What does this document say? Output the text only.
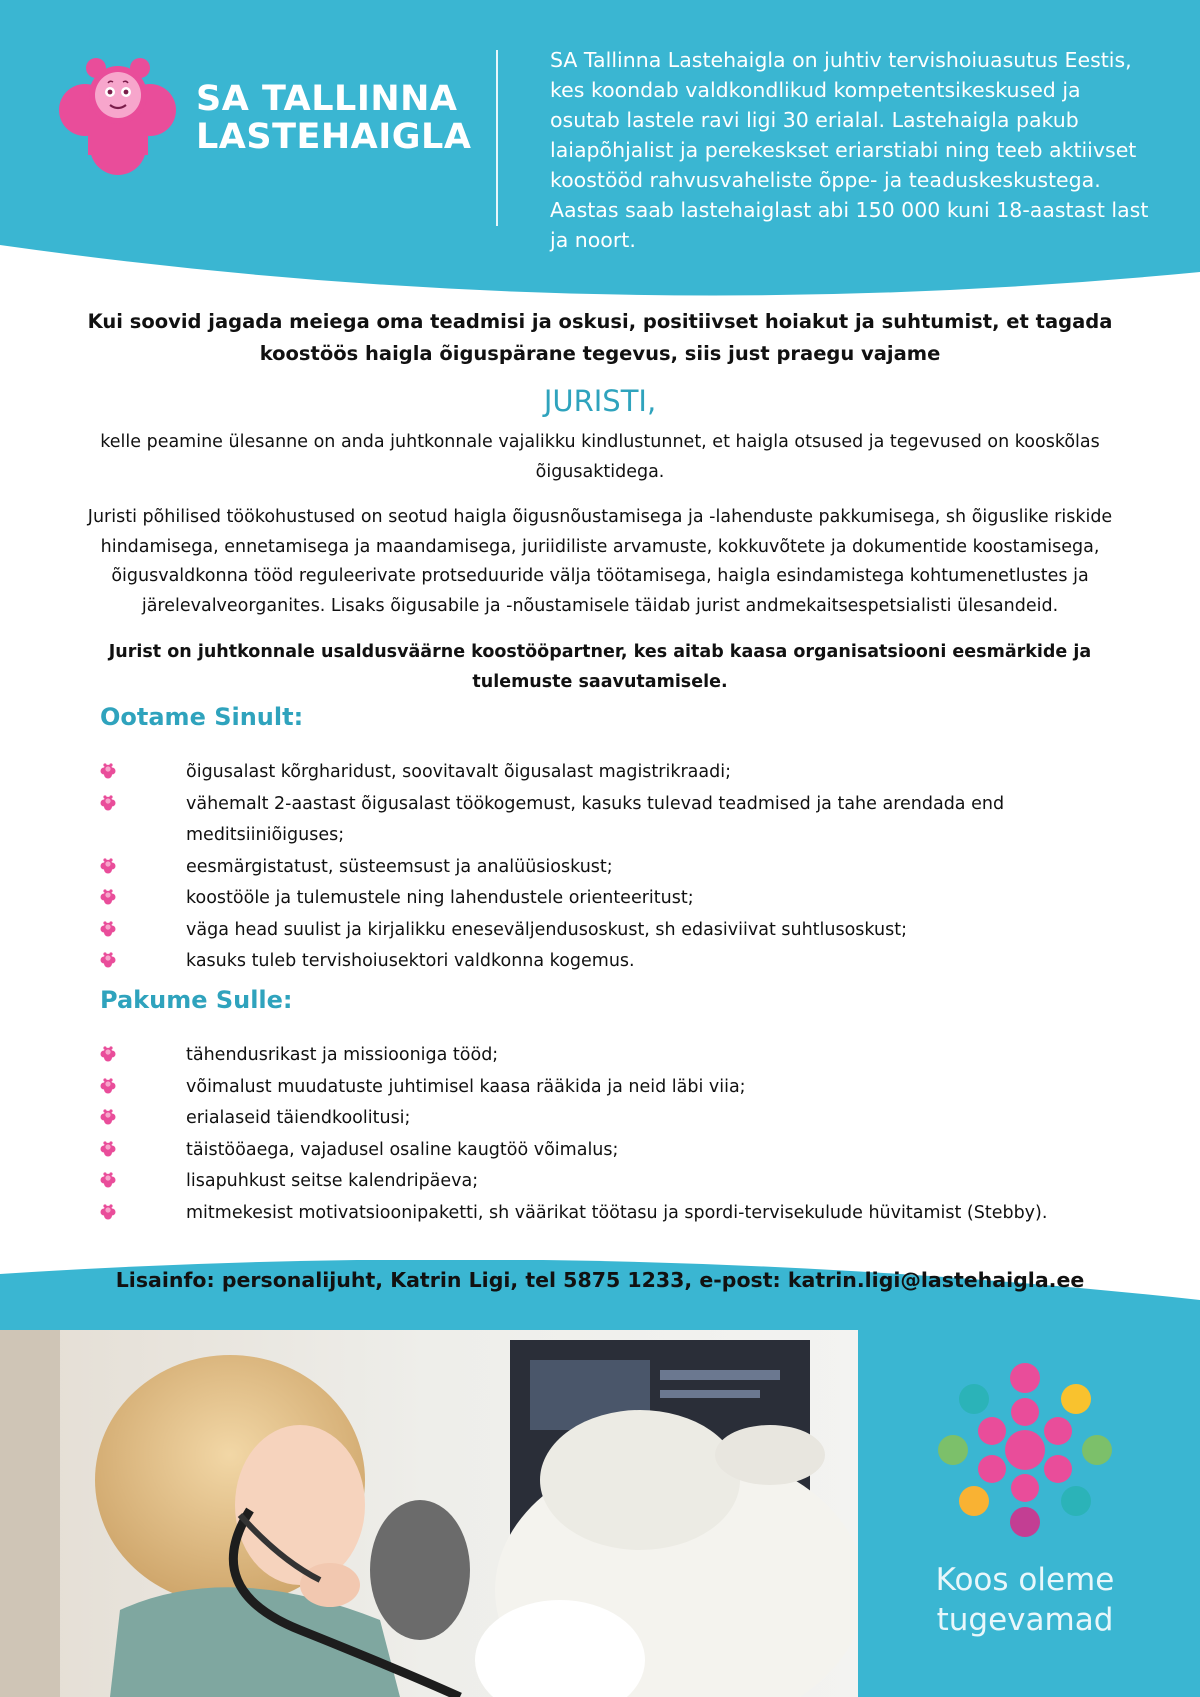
SA TALLINNA
LASTEHAIGLA
SA Tallinna Lastehaigla on juhtiv tervishoiuasutus Eestis, kes koondab valdkondlikud kompetentsikeskused ja osutab lastele ravi ligi 30 erialal. Lastehaigla pakub laiapõhjalist ja perekeskset eriarstiabi ning teeb aktiivset koostööd rahvusvaheliste õppe- ja teaduskeskustega. Aastas saab lastehaiglast abi 150 000 kuni 18-aastast last ja noort.
Kui soovid jagada meiega oma teadmisi ja oskusi, positiivset hoiakut ja suhtumist, et tagada koostöös haigla õiguspärane tegevus, siis just praegu vajame
JURISTI,
kelle peamine ülesanne on anda juhtkonnale vajalikku kindlustunnet, et haigla otsused ja tegevused on kooskõlas õigusaktidega.
Juristi põhilised töökohustused on seotud haigla õigusnõustamisega ja -lahenduste pakkumisega, sh õiguslike riskide hindamisega, ennetamisega ja maandamisega, juriidiliste arvamuste, kokkuvõtete ja dokumentide koostamisega, õigusvaldkonna tööd reguleerivate protseduuride välja töötamisega, haigla esindamistega kohtumenetlustes ja järelevalveorganites. Lisaks õigusabile ja -nõustamisele täidab jurist andmekaitsespetsialisti ülesandeid.
Jurist on juhtkonnale usaldusväärne koostööpartner, kes aitab kaasa organisatsiooni eesmärkide ja tulemuste saavutamisele.
Ootame Sinult:
õigusalast kõrgharidust, soovitavalt õigusalast magistrikraadi;
vähemalt 2-aastast õigusalast töökogemust, kasuks tulevad teadmised ja tahe arendada end meditsiiniõiguses;
eesmärgistatust, süsteemsust ja analüüsioskust;
koostööle ja tulemustele ning lahendustele orienteeritust;
väga head suulist ja kirjalikku eneseväljendusoskust, sh edasiviivat suhtlusoskust;
kasuks tuleb tervishoiusektori valdkonna kogemus.
Pakume Sulle:
tähendusrikast ja missiooniga tööd;
võimalust muudatuste juhtimisel kaasa rääkida ja neid läbi viia;
erialaseid täiendkoolitusi;
täistööaega, vajadusel osaline kaugtöö võimalus;
lisapuhkust seitse kalendripäeva;
mitmekesist motivatsioonipaketti, sh väärikat töötasu ja spordi-tervisekulude hüvitamist (Stebby).
Lisainfo: personalijuht, Katrin Ligi, tel 5875 1233, e-post: katrin.ligi@lastehaigla.ee
Koos oleme
tugevamad
